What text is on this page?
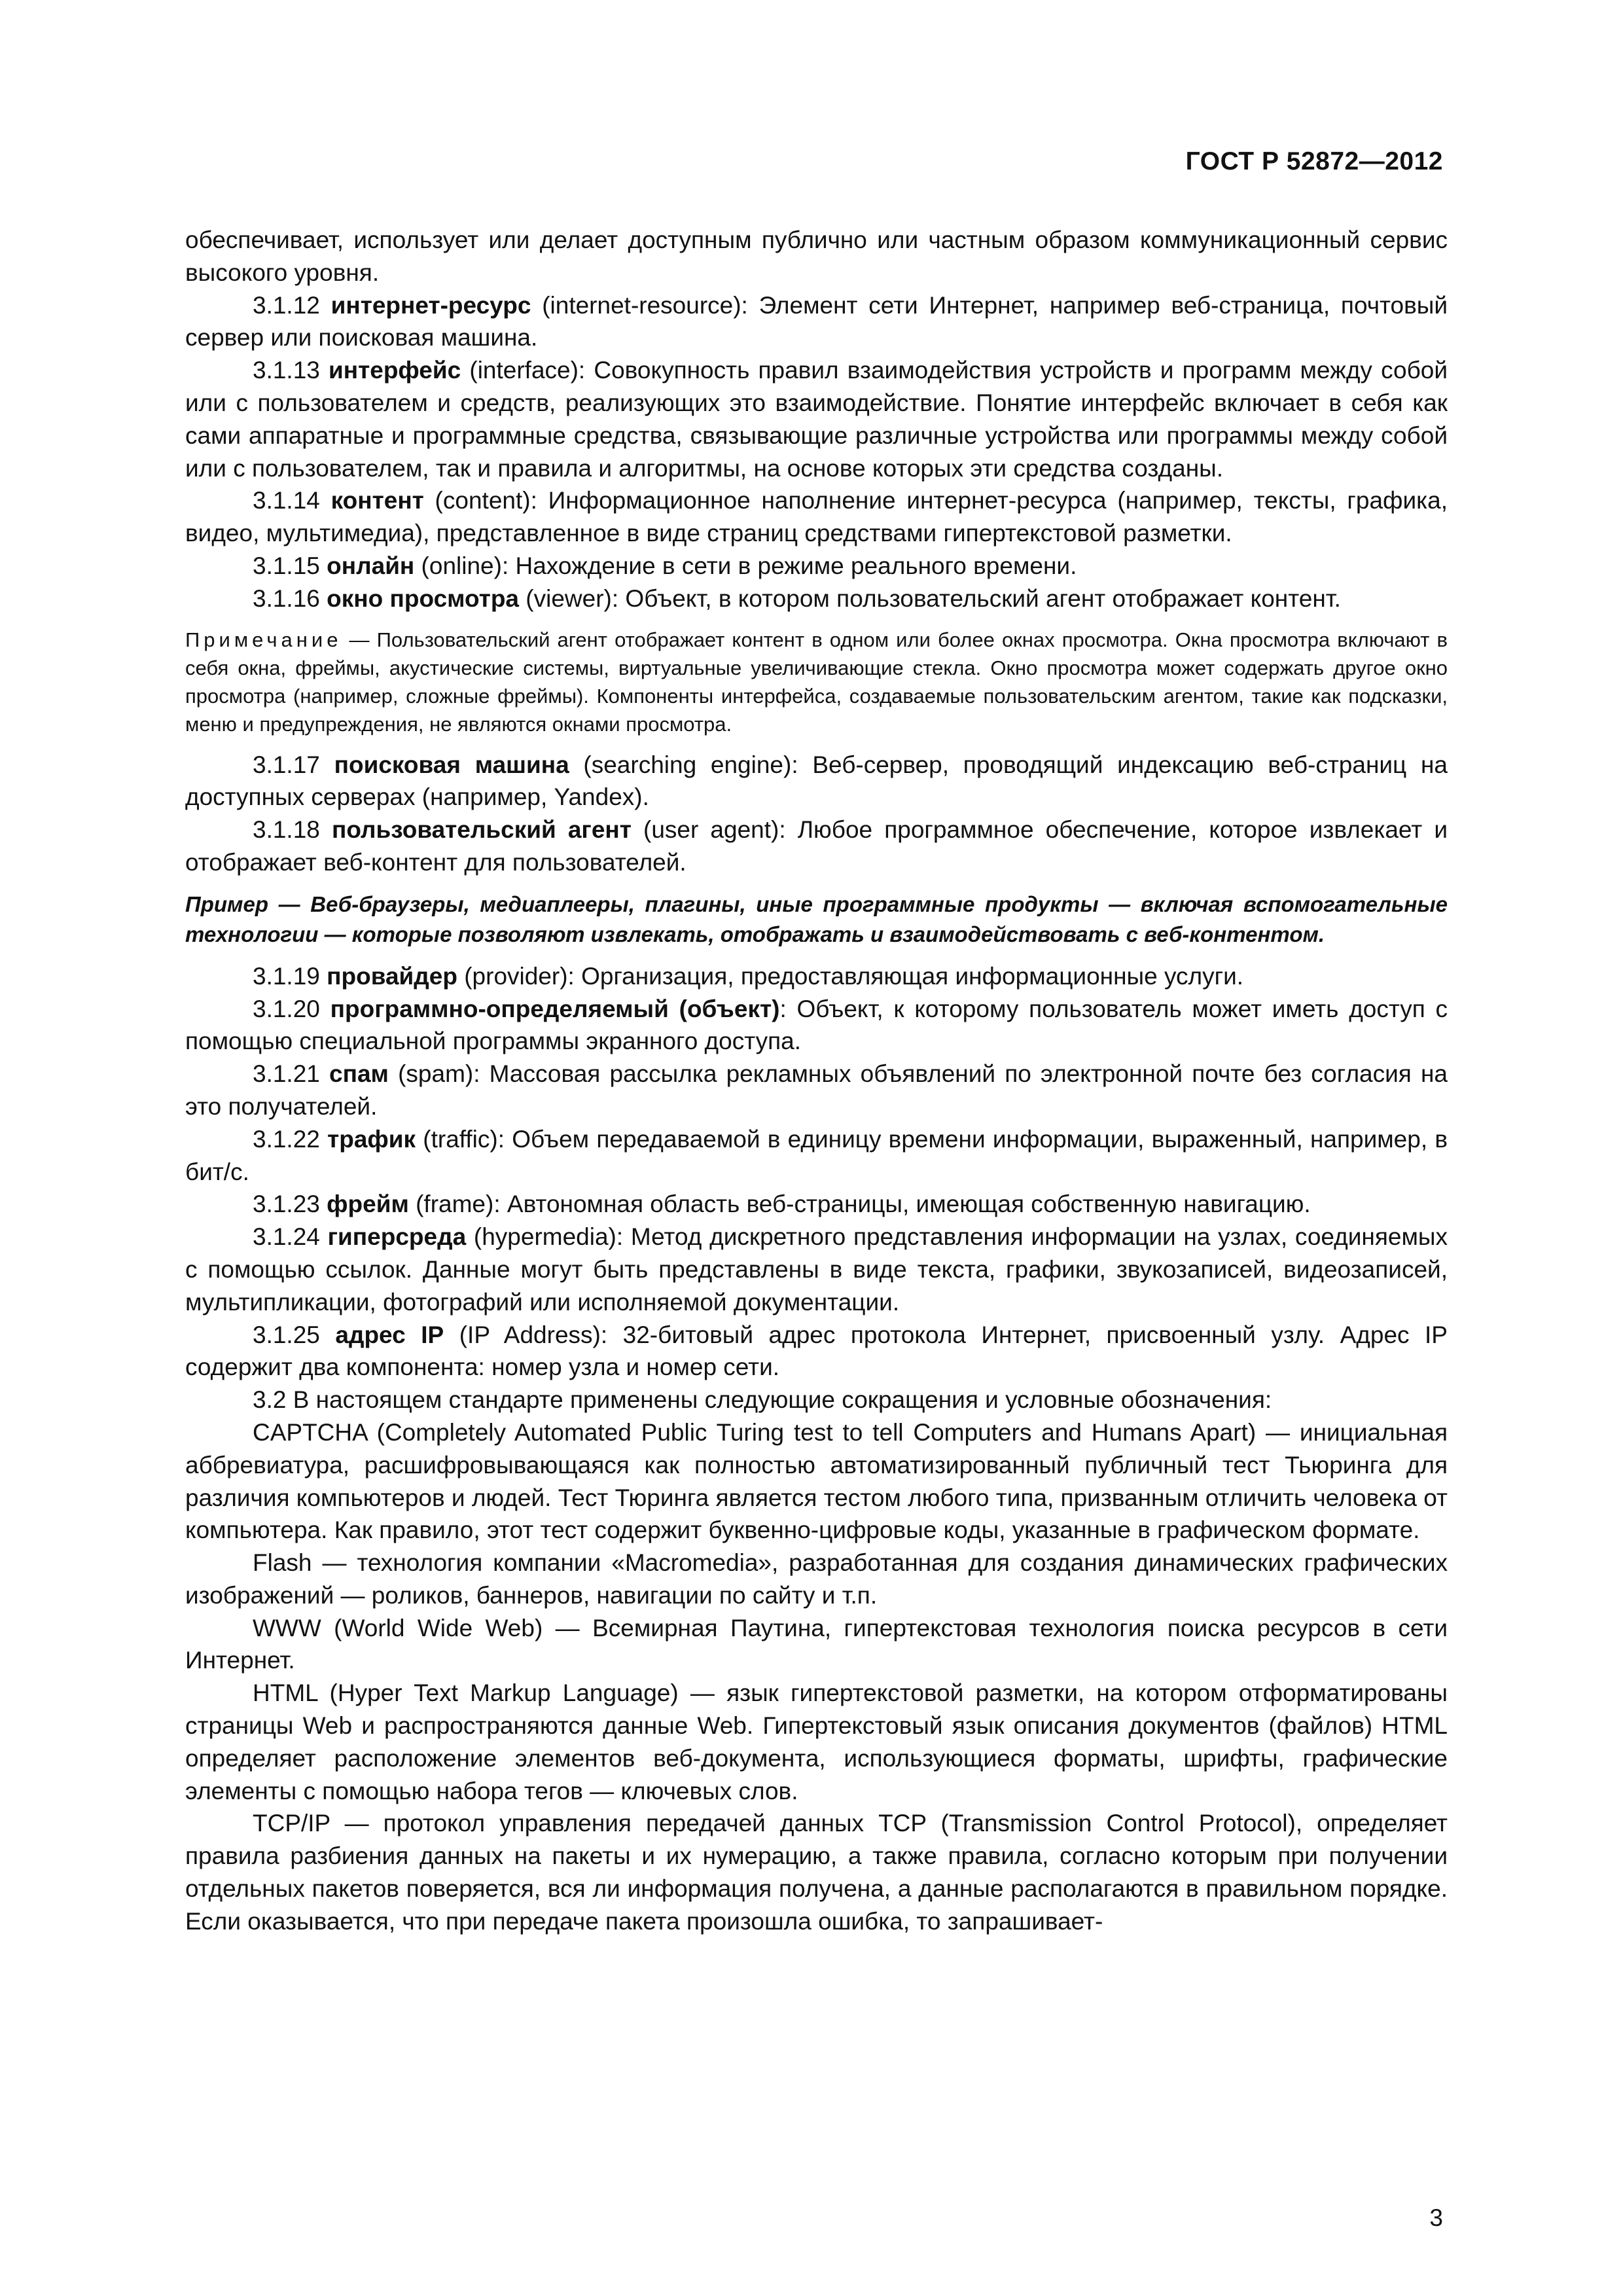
ГОСТ Р 52872—2012

обеспечивает, использует или делает доступным публично или частным образом коммуникационный сервис высокого уровня.

3.1.12 интернет-ресурс (internet-resource): Элемент сети Интернет, например веб-страница, почтовый сервер или поисковая машина.

3.1.13 интерфейс (interface): Совокупность правил взаимодействия устройств и программ между собой или с пользователем и средств, реализующих это взаимодействие. Понятие интерфейс включает в себя как сами аппаратные и программные средства, связывающие различные устройства или программы между собой или с пользователем, так и правила и алгоритмы, на основе которых эти средства созданы.

3.1.14 контент (content): Информационное наполнение интернет-ресурса (например, тексты, графика, видео, мультимедиа), представленное в виде страниц средствами гипертекстовой разметки.

3.1.15 онлайн (online): Нахождение в сети в режиме реального времени.

3.1.16 окно просмотра (viewer): Объект, в котором пользовательский агент отображает контент.

Примечание — Пользовательский агент отображает контент в одном или более окнах просмотра. Окна просмотра включают в себя окна, фреймы, акустические системы, виртуальные увеличивающие стекла. Окно просмотра может содержать другое окно просмотра (например, сложные фреймы). Компоненты интерфейса, создаваемые пользовательским агентом, такие как подсказки, меню и предупреждения, не являются окнами просмотра.

3.1.17 поисковая машина (searching engine): Веб-сервер, проводящий индексацию веб-страниц на доступных серверах (например, Yandex).

3.1.18 пользовательский агент (user agent): Любое программное обеспечение, которое извлекает и отображает веб-контент для пользователей.

Пример — Веб-браузеры, медиаплееры, плагины, иные программные продукты — включая вспомогательные технологии — которые позволяют извлекать, отображать и взаимодействовать с веб-контентом.

3.1.19 провайдер (provider): Организация, предоставляющая информационные услуги.

3.1.20 программно-определяемый (объект): Объект, к которому пользователь может иметь доступ с помощью специальной программы экранного доступа.

3.1.21 спам (spam): Массовая рассылка рекламных объявлений по электронной почте без согласия на это получателей.

3.1.22 трафик (traffic): Объем передаваемой в единицу времени информации, выраженный, например, в бит/с.

3.1.23 фрейм (frame): Автономная область веб-страницы, имеющая собственную навигацию.

3.1.24 гиперсреда (hypermedia): Метод дискретного представления информации на узлах, соединяемых с помощью ссылок. Данные могут быть представлены в виде текста, графики, звукозаписей, видеозаписей, мультипликации, фотографий или исполняемой документации.

3.1.25 адрес IP (IP Address): 32-битовый адрес протокола Интернет, присвоенный узлу. Адрес IP содержит два компонента: номер узла и номер сети.

3.2 В настоящем стандарте применены следующие сокращения и условные обозначения:

CAPTCHA (Completely Automated Public Turing test to tell Computers and Humans Apart) — инициальная аббревиатура, расшифровывающаяся как полностью автоматизированный публичный тест Тьюринга для различия компьютеров и людей. Тест Тюринга является тестом любого типа, призванным отличить человека от компьютера. Как правило, этот тест содержит буквенно-цифровые коды, указанные в графическом формате.

Flash — технология компании «Macromedia», разработанная для создания динамических графических изображений — роликов, баннеров, навигации по сайту и т.п.

WWW (World Wide Web) — Всемирная Паутина, гипертекстовая технология поиска ресурсов в сети Интернет.

HTML (Hyper Text Markup Language) — язык гипертекстовой разметки, на котором отформатированы страницы Web и распространяются данные Web. Гипертекстовый язык описания документов (файлов) HTML определяет расположение элементов веб-документа, использующиеся форматы, шрифты, графические элементы с помощью набора тегов — ключевых слов.

TCP/IP — протокол управления передачей данных TCP (Transmission Control Protocol), определяет правила разбиения данных на пакеты и их нумерацию, а также правила, согласно которым при получении отдельных пакетов поверяется, вся ли информация получена, а данные располагаются в правильном порядке. Если оказывается, что при передаче пакета произошла ошибка, то запрашивает-

3
